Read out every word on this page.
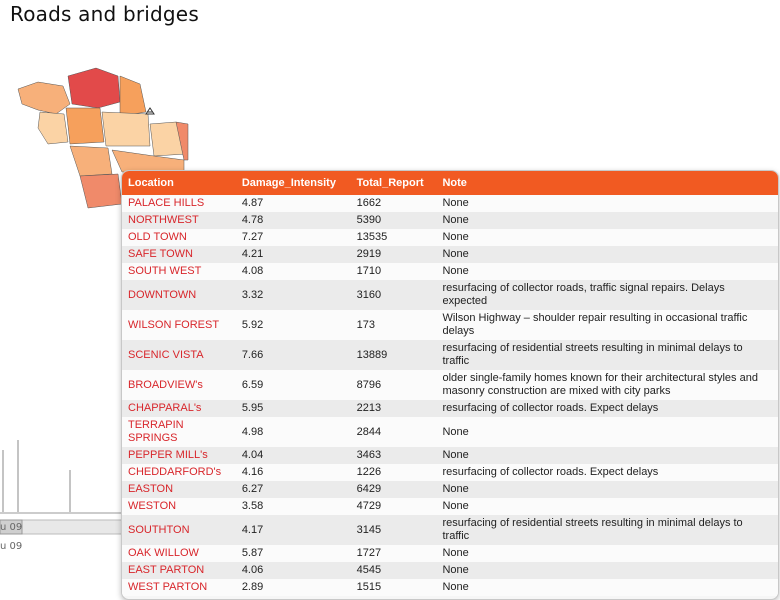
Roads and bridges
u 09
u 09
Location	Damage_Intensity	Total_Report	Note
PALACE HILLS	4.87	1662	None
NORTHWEST	4.78	5390	None
OLD TOWN	7.27	13535	None
SAFE TOWN	4.21	2919	None
SOUTH WEST	4.08	1710	None
DOWNTOWN	3.32	3160	resurfacing of collector roads, traffic signal repairs. Delays expected
WILSON FOREST	5.92	173	Wilson Highway – shoulder repair resulting in occasional traffic delays
SCENIC VISTA	7.66	13889	resurfacing of residential streets resulting in minimal delays to traffic
BROADVIEW's	6.59	8796	older single-family homes known for their architectural styles and masonry construction are mixed with city parks
CHAPPARAL's	5.95	2213	resurfacing of collector roads. Expect delays
TERRAPIN SPRINGS	4.98	2844	None
PEPPER MILL's	4.04	3463	None
CHEDDARFORD's	4.16	1226	resurfacing of collector roads. Expect delays
EASTON	6.27	6429	None
WESTON	3.58	4729	None
SOUTHTON	4.17	3145	resurfacing of residential streets resulting in minimal delays to traffic
OAK WILLOW	5.87	1727	None
EAST PARTON	4.06	4545	None
WEST PARTON	2.89	1515	None
